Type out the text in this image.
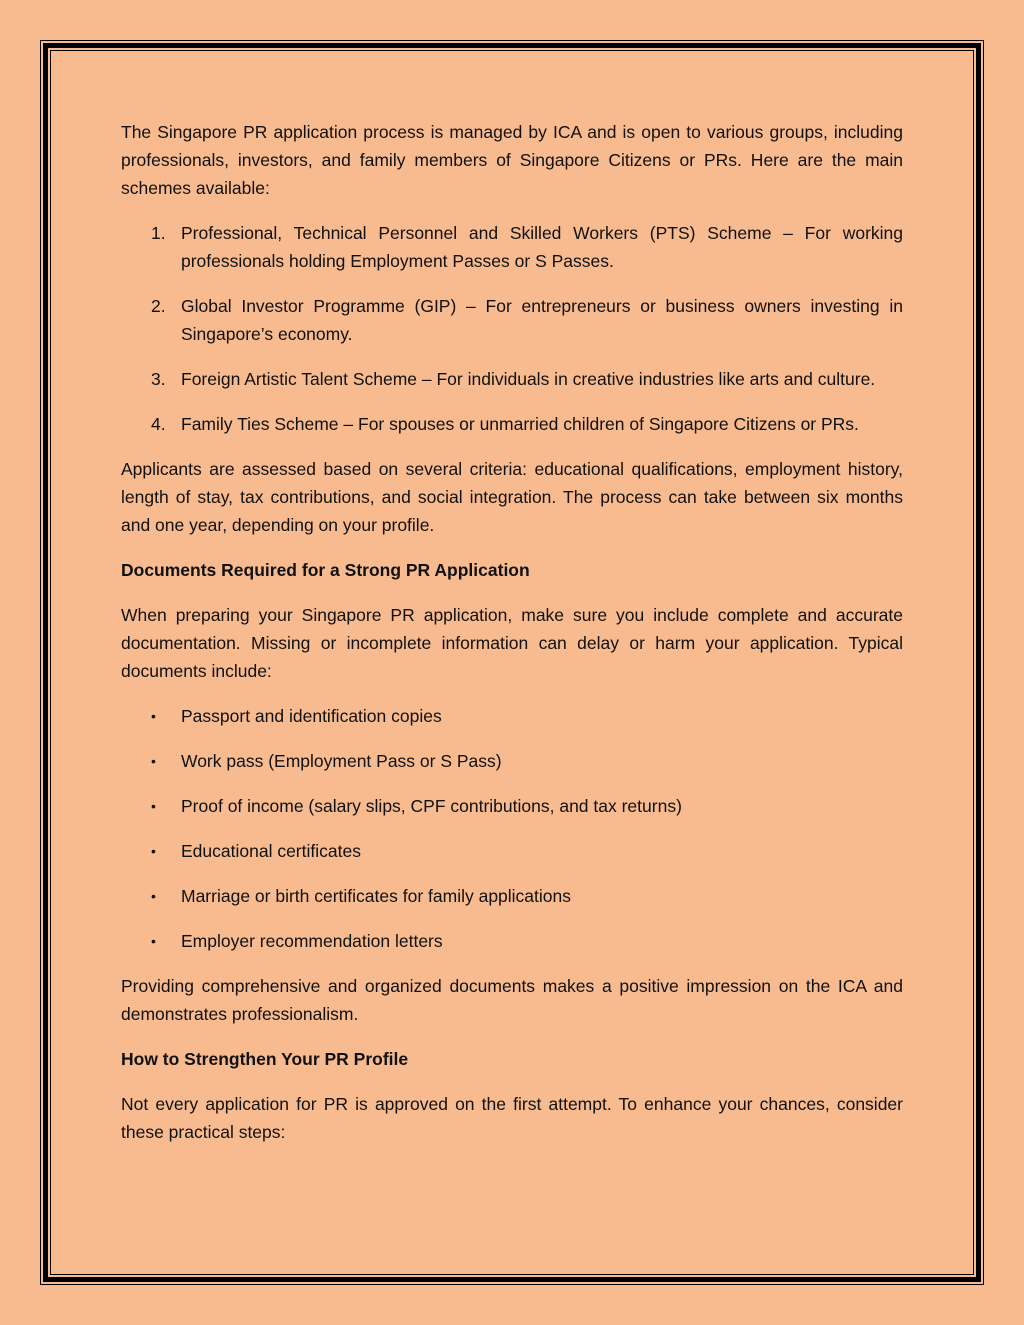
The Singapore PR application process is managed by ICA and is open to various groups, including professionals, investors, and family members of Singapore Citizens or PRs. Here are the main schemes available:

1. Professional, Technical Personnel and Skilled Workers (PTS) Scheme – For working professionals holding Employment Passes or S Passes.
2. Global Investor Programme (GIP) – For entrepreneurs or business owners investing in Singapore’s economy.
3. Foreign Artistic Talent Scheme – For individuals in creative industries like arts and culture.
4. Family Ties Scheme – For spouses or unmarried children of Singapore Citizens or PRs.

Applicants are assessed based on several criteria: educational qualifications, employment history, length of stay, tax contributions, and social integration. The process can take between six months and one year, depending on your profile.

Documents Required for a Strong PR Application

When preparing your Singapore PR application, make sure you include complete and accurate documentation. Missing or incomplete information can delay or harm your application. Typical documents include:

• Passport and identification copies
• Work pass (Employment Pass or S Pass)
• Proof of income (salary slips, CPF contributions, and tax returns)
• Educational certificates
• Marriage or birth certificates for family applications
• Employer recommendation letters

Providing comprehensive and organized documents makes a positive impression on the ICA and demonstrates professionalism.

How to Strengthen Your PR Profile

Not every application for PR is approved on the first attempt. To enhance your chances, consider these practical steps:
